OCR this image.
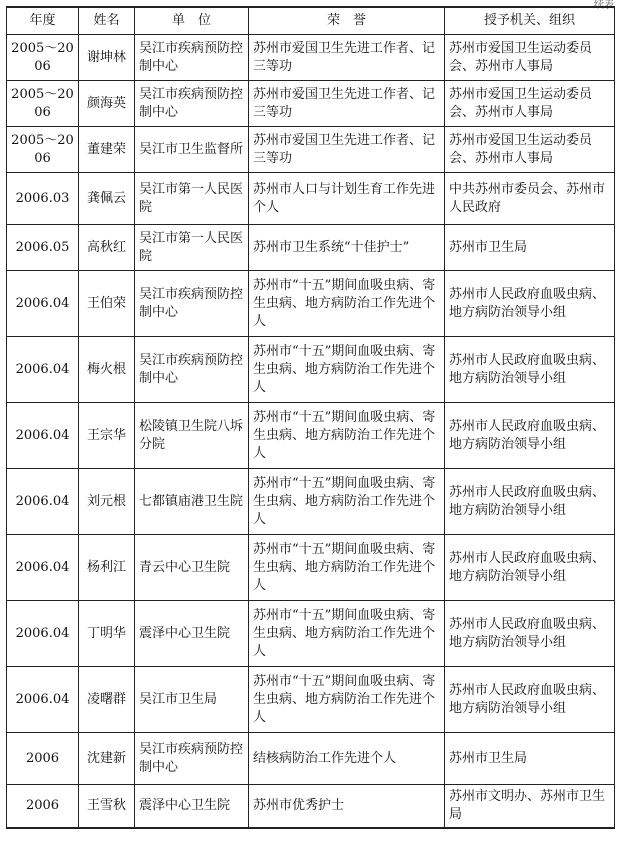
续表
年度	姓名	单　位	荣　誉	授予机关、组织
2005～2006	谢坤林	吴江市疾病预防控制中心	苏州市爱国卫生先进工作者、记三等功	苏州市爱国卫生运动委员会、苏州市人事局
2005～2006	颜海英	吴江市疾病预防控制中心	苏州市爱国卫生先进工作者、记三等功	苏州市爱国卫生运动委员会、苏州市人事局
2005～2006	董建荣	吴江市卫生监督所	苏州市爱国卫生先进工作者、记三等功	苏州市爱国卫生运动委员会、苏州市人事局
2006.03	龚佩云	吴江市第一人民医院	苏州市人口与计划生育工作先进个人	中共苏州市委员会、苏州市人民政府
2006.05	高秋红	吴江市第一人民医院	苏州市卫生系统“十佳护士”	苏州市卫生局
2006.04	王伯荣	吴江市疾病预防控制中心	苏州市“十五”期间血吸虫病、寄生虫病、地方病防治工作先进个人	苏州市人民政府血吸虫病、地方病防治领导小组
2006.04	梅火根	吴江市疾病预防控制中心	苏州市“十五”期间血吸虫病、寄生虫病、地方病防治工作先进个人	苏州市人民政府血吸虫病、地方病防治领导小组
2006.04	王宗华	松陵镇卫生院八坼分院	苏州市“十五”期间血吸虫病、寄生虫病、地方病防治工作先进个人	苏州市人民政府血吸虫病、地方病防治领导小组
2006.04	刘元根	七都镇庙港卫生院	苏州市“十五”期间血吸虫病、寄生虫病、地方病防治工作先进个人	苏州市人民政府血吸虫病、地方病防治领导小组
2006.04	杨利江	青云中心卫生院	苏州市“十五”期间血吸虫病、寄生虫病、地方病防治工作先进个人	苏州市人民政府血吸虫病、地方病防治领导小组
2006.04	丁明华	震泽中心卫生院	苏州市“十五”期间血吸虫病、寄生虫病、地方病防治工作先进个人	苏州市人民政府血吸虫病、地方病防治领导小组
2006.04	凌曙群	吴江市卫生局	苏州市“十五”期间血吸虫病、寄生虫病、地方病防治工作先进个人	苏州市人民政府血吸虫病、地方病防治领导小组
2006	沈建新	吴江市疾病预防控制中心	结核病防治工作先进个人	苏州市卫生局
2006	王雪秋	震泽中心卫生院	苏州市优秀护士	苏州市文明办、苏州市卫生局
